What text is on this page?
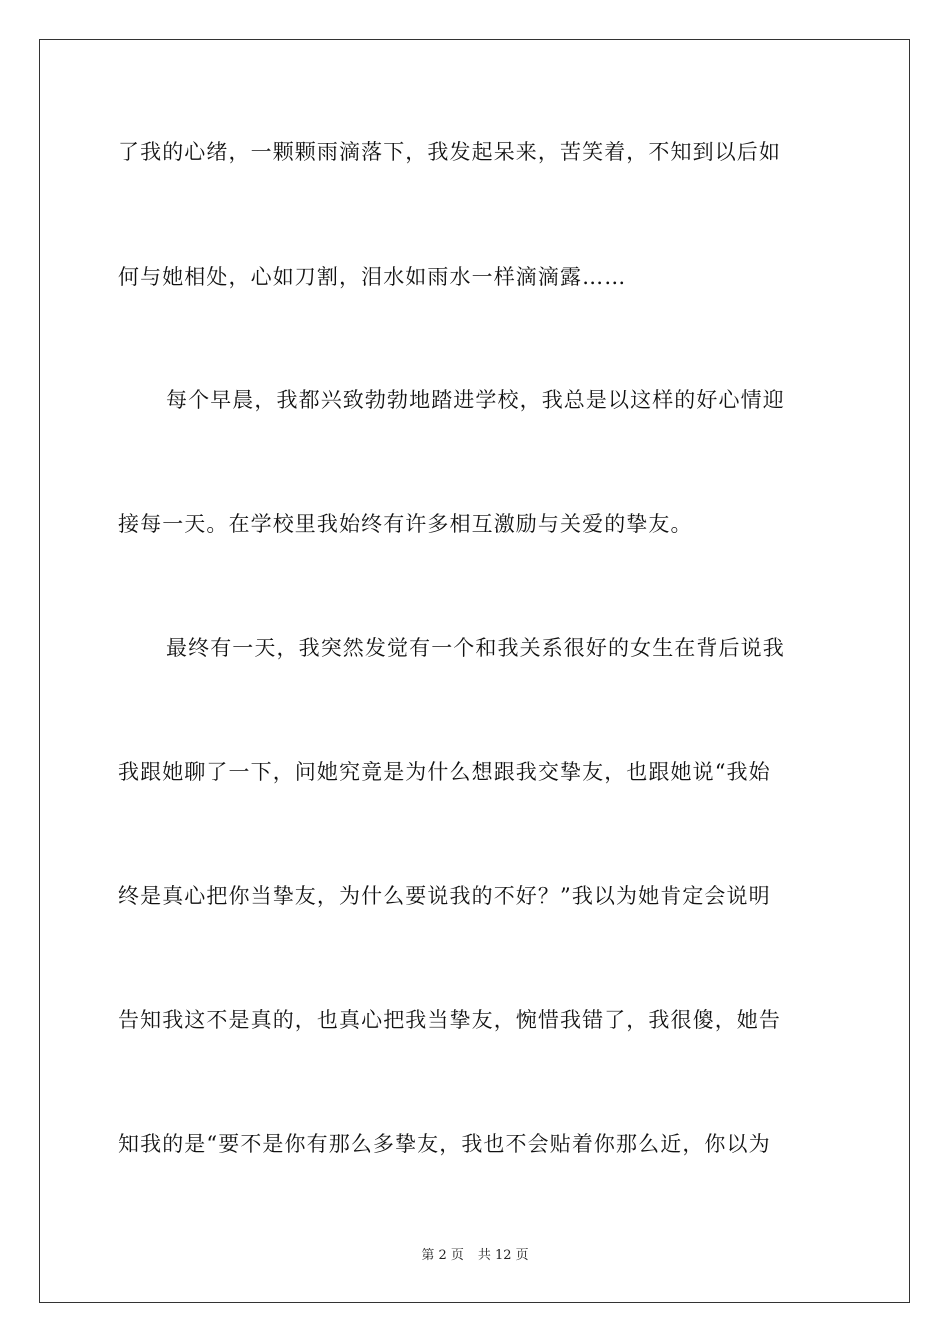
了我的心绪，一颗颗雨滴落下，我发起呆来，苦笑着，不知到以后如
何与她相处，心如刀割，泪水如雨水一样滴滴露……
每个早晨，我都兴致勃勃地踏进学校，我总是以这样的好心情迎
接每一天。在学校里我始终有许多相互激励与关爱的挚友。
最终有一天，我突然发觉有一个和我关系很好的女生在背后说我
我跟她聊了一下，问她究竟是为什么想跟我交挚友，也跟她说“我始
终是真心把你当挚友，为什么要说我的不好？”我以为她肯定会说明
告知我这不是真的，也真心把我当挚友，惋惜我错了，我很傻，她告
知我的是“要不是你有那么多挚友，我也不会贴着你那么近，你以为
第 2 页 共 12 页
